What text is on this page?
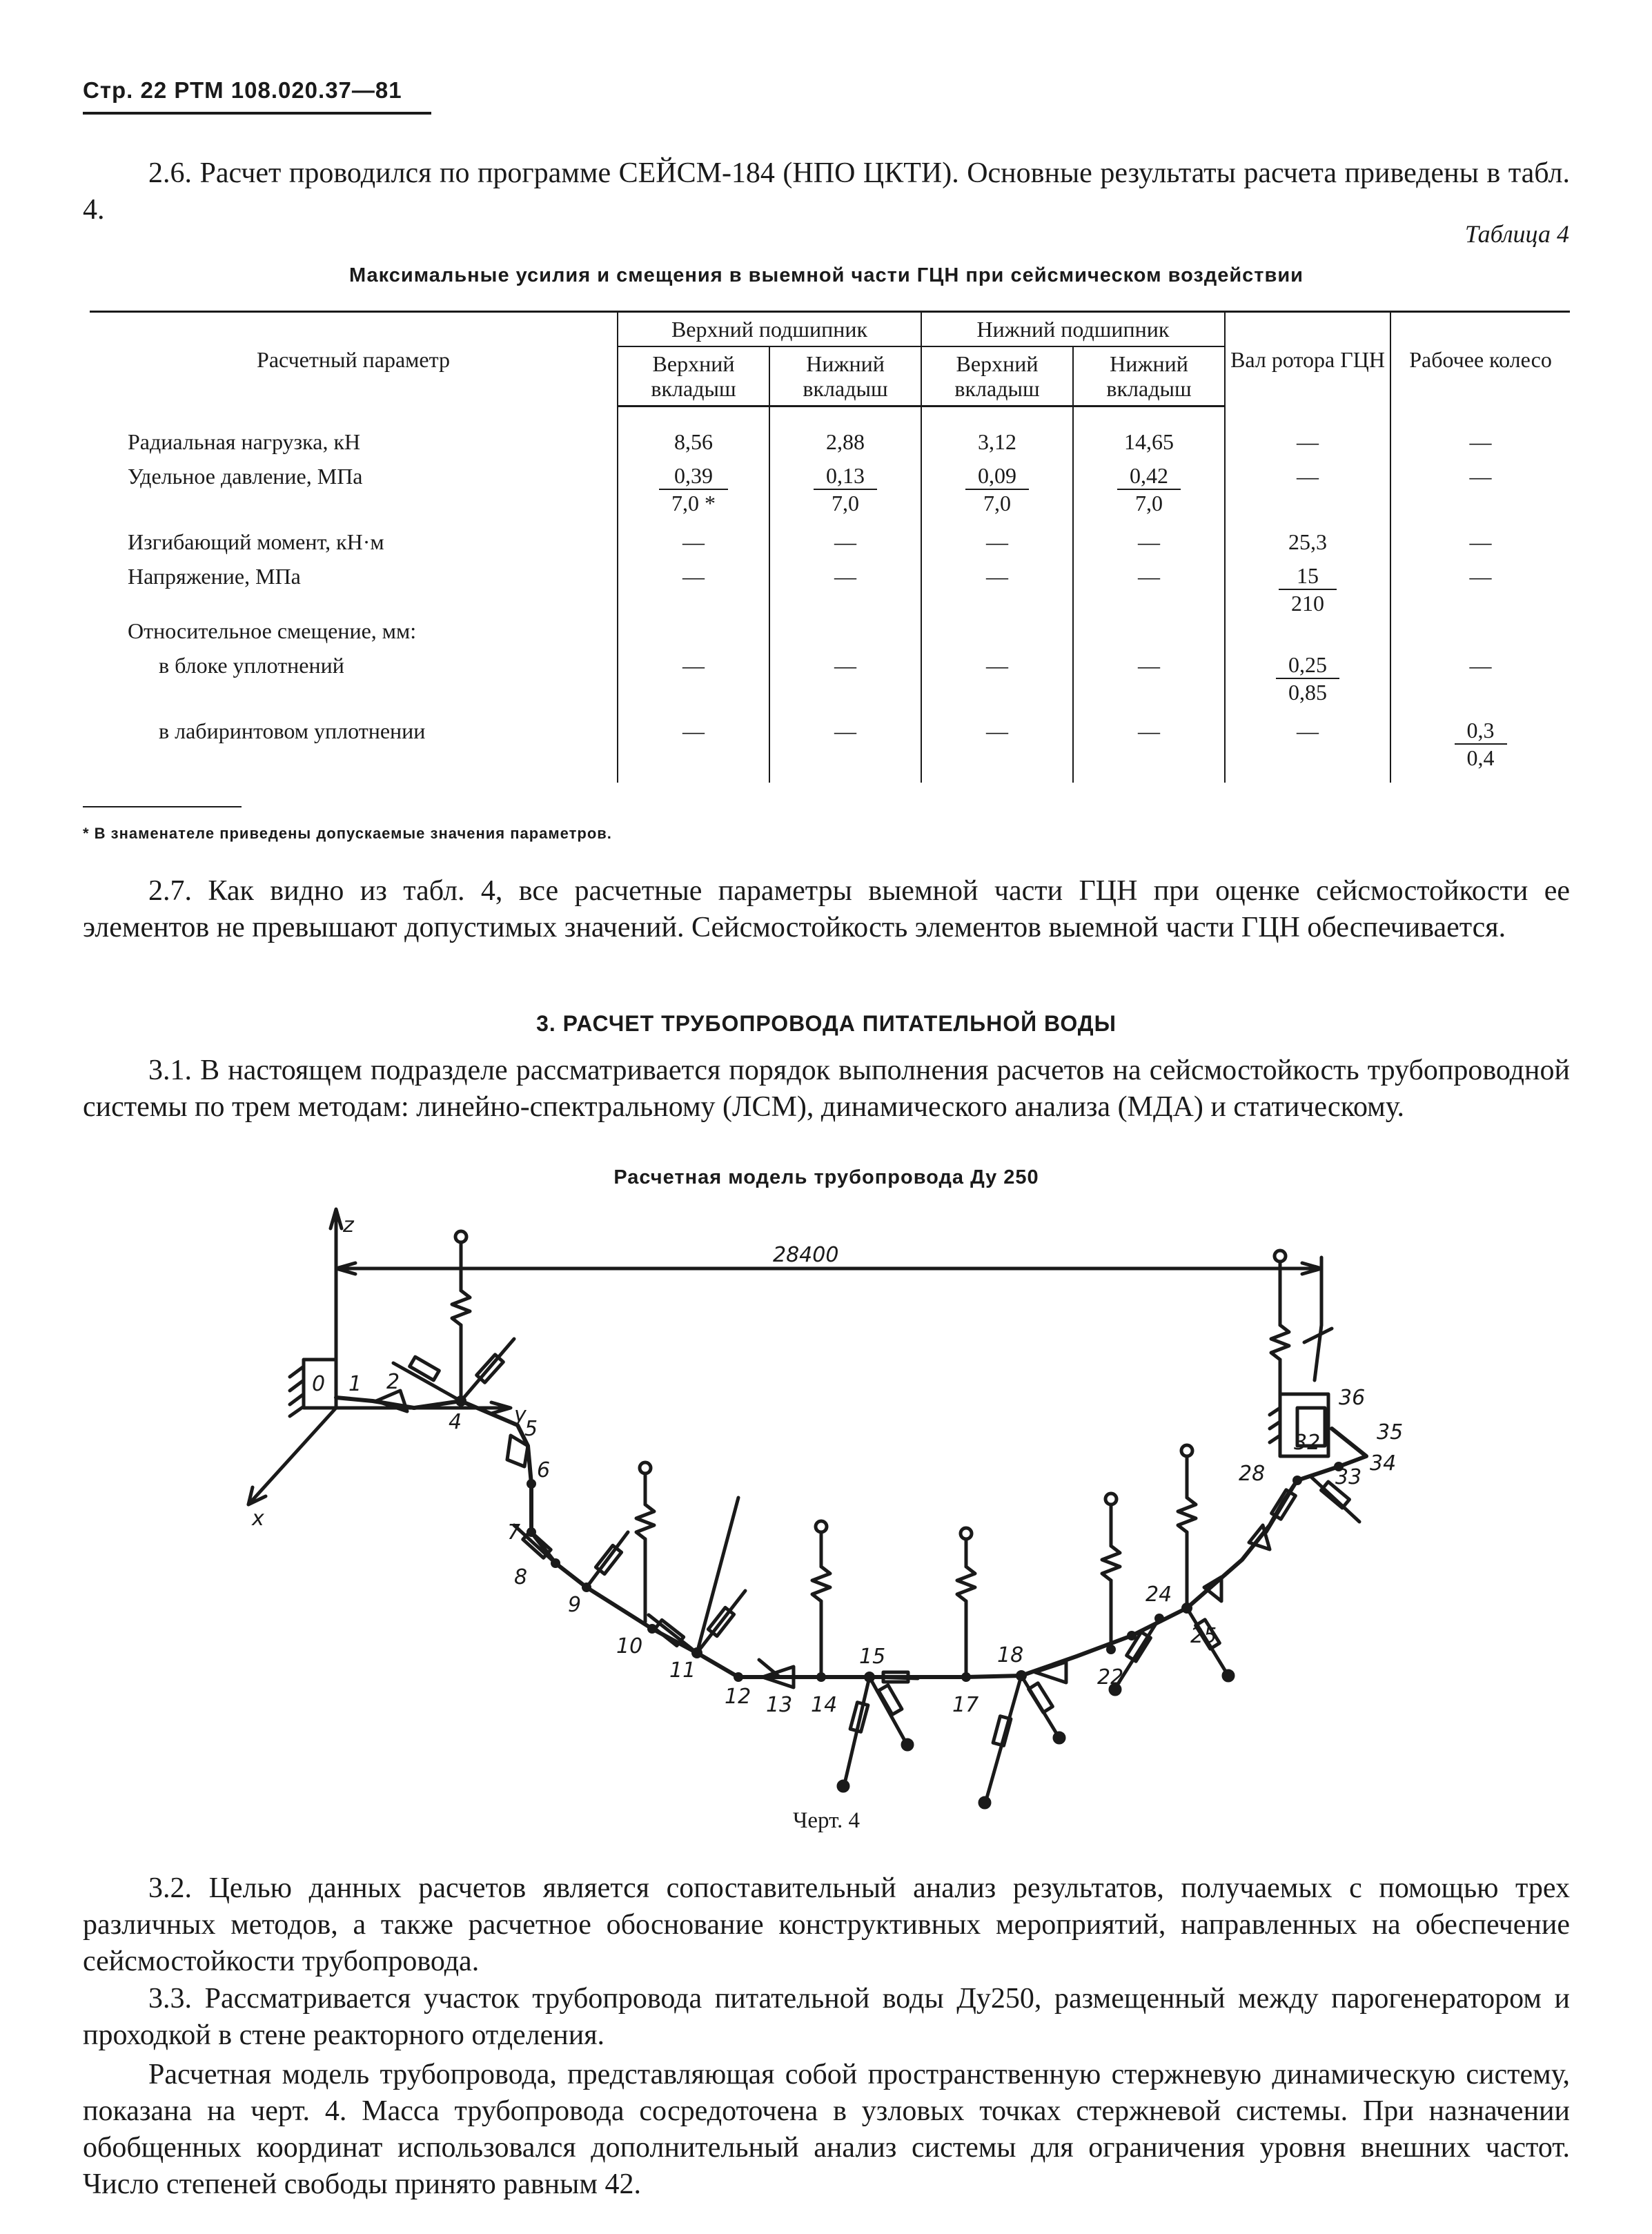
Стр. 22 РТМ 108.020.37—81

2.6. Расчет проводился по программе СЕЙСМ-184 (НПО ЦКТИ). Основные результаты расчета приведены в табл. 4.

Таблица 4
Максимальные усилия и смещения в выемной части ГЦН при сейсмическом воздействии
Расчетный параметр	Верхний подшипник		Нижний подшипник		Вал ротора ГЦН	Рабочее колесо
	Верхний вкладыш	Нижний вкладыш	Верхний вкладыш	Нижний вкладыш		

Радиальная нагрузка, кН	8,56	2,88	3,12	14,65	—	—
Удельное давление, МПа	$\frac{0,39}{7,0 *}$	$\frac{0,13}{7,0}$	$\frac{0,09}{7,0}$	$\frac{0,42}{7,0}$	—	—
Изгибающий момент, кН·м	—	—	—	—	25,3	—
Напряжение, МПа	—	—	—	—	$\frac{15}{210}$	—
Относительное смещение, мм:						
в блоке уплотнений	—	—	—	—	$\frac{0,25}{0,85}$	—
в лабиринтовом уплотнении	—	—	—	—	—	$\frac{0,3}{0,4}$
* В знаменателе приведены допускаемые значения параметров.

2.7. Как видно из табл. 4, все расчетные параметры выемной части ГЦН при оценке сейсмостойкости ее элементов не превышают допустимых значений. Сейсмостойкость элементов выемной части ГЦН обеспечивается.

3. РАСЧЕТ ТРУБОПРОВОДА ПИТАТЕЛЬНОЙ ВОДЫ

3.1. В настоящем подразделе рассматривается порядок выполнения расчетов на сейсмостойкость трубопроводной системы по трем методам: линейно-спектральному (ЛСМ), динамического анализа (МДА) и статическому.

Расчетная модель трубопровода Ду 250
z
y
x
28400
0 1 2
4	5
6
7
8
9
10
11
12 13 14
15
17
18
22
24
25
28
32
33
34
35
36
Черт. 4

3.2. Целью данных расчетов является сопоставительный анализ результатов, получаемых с помощью трех различных методов, а также расчетное обоснование конструктивных мероприятий, направленных на обеспечение сейсмостойкости трубопровода.

3.3. Рассматривается участок трубопровода питательной воды Ду250, размещенный между парогенератором и проходкой в стене реакторного отделения.

Расчетная модель трубопровода, представляющая собой пространственную стержневую динамическую систему, показана на черт. 4. Масса трубопровода сосредоточена в узловых точках стержневой системы. При назначении обобщенных координат использовался дополнительный анализ системы для ограничения уровня внешних частот. Число степеней свободы принято равным 42.
